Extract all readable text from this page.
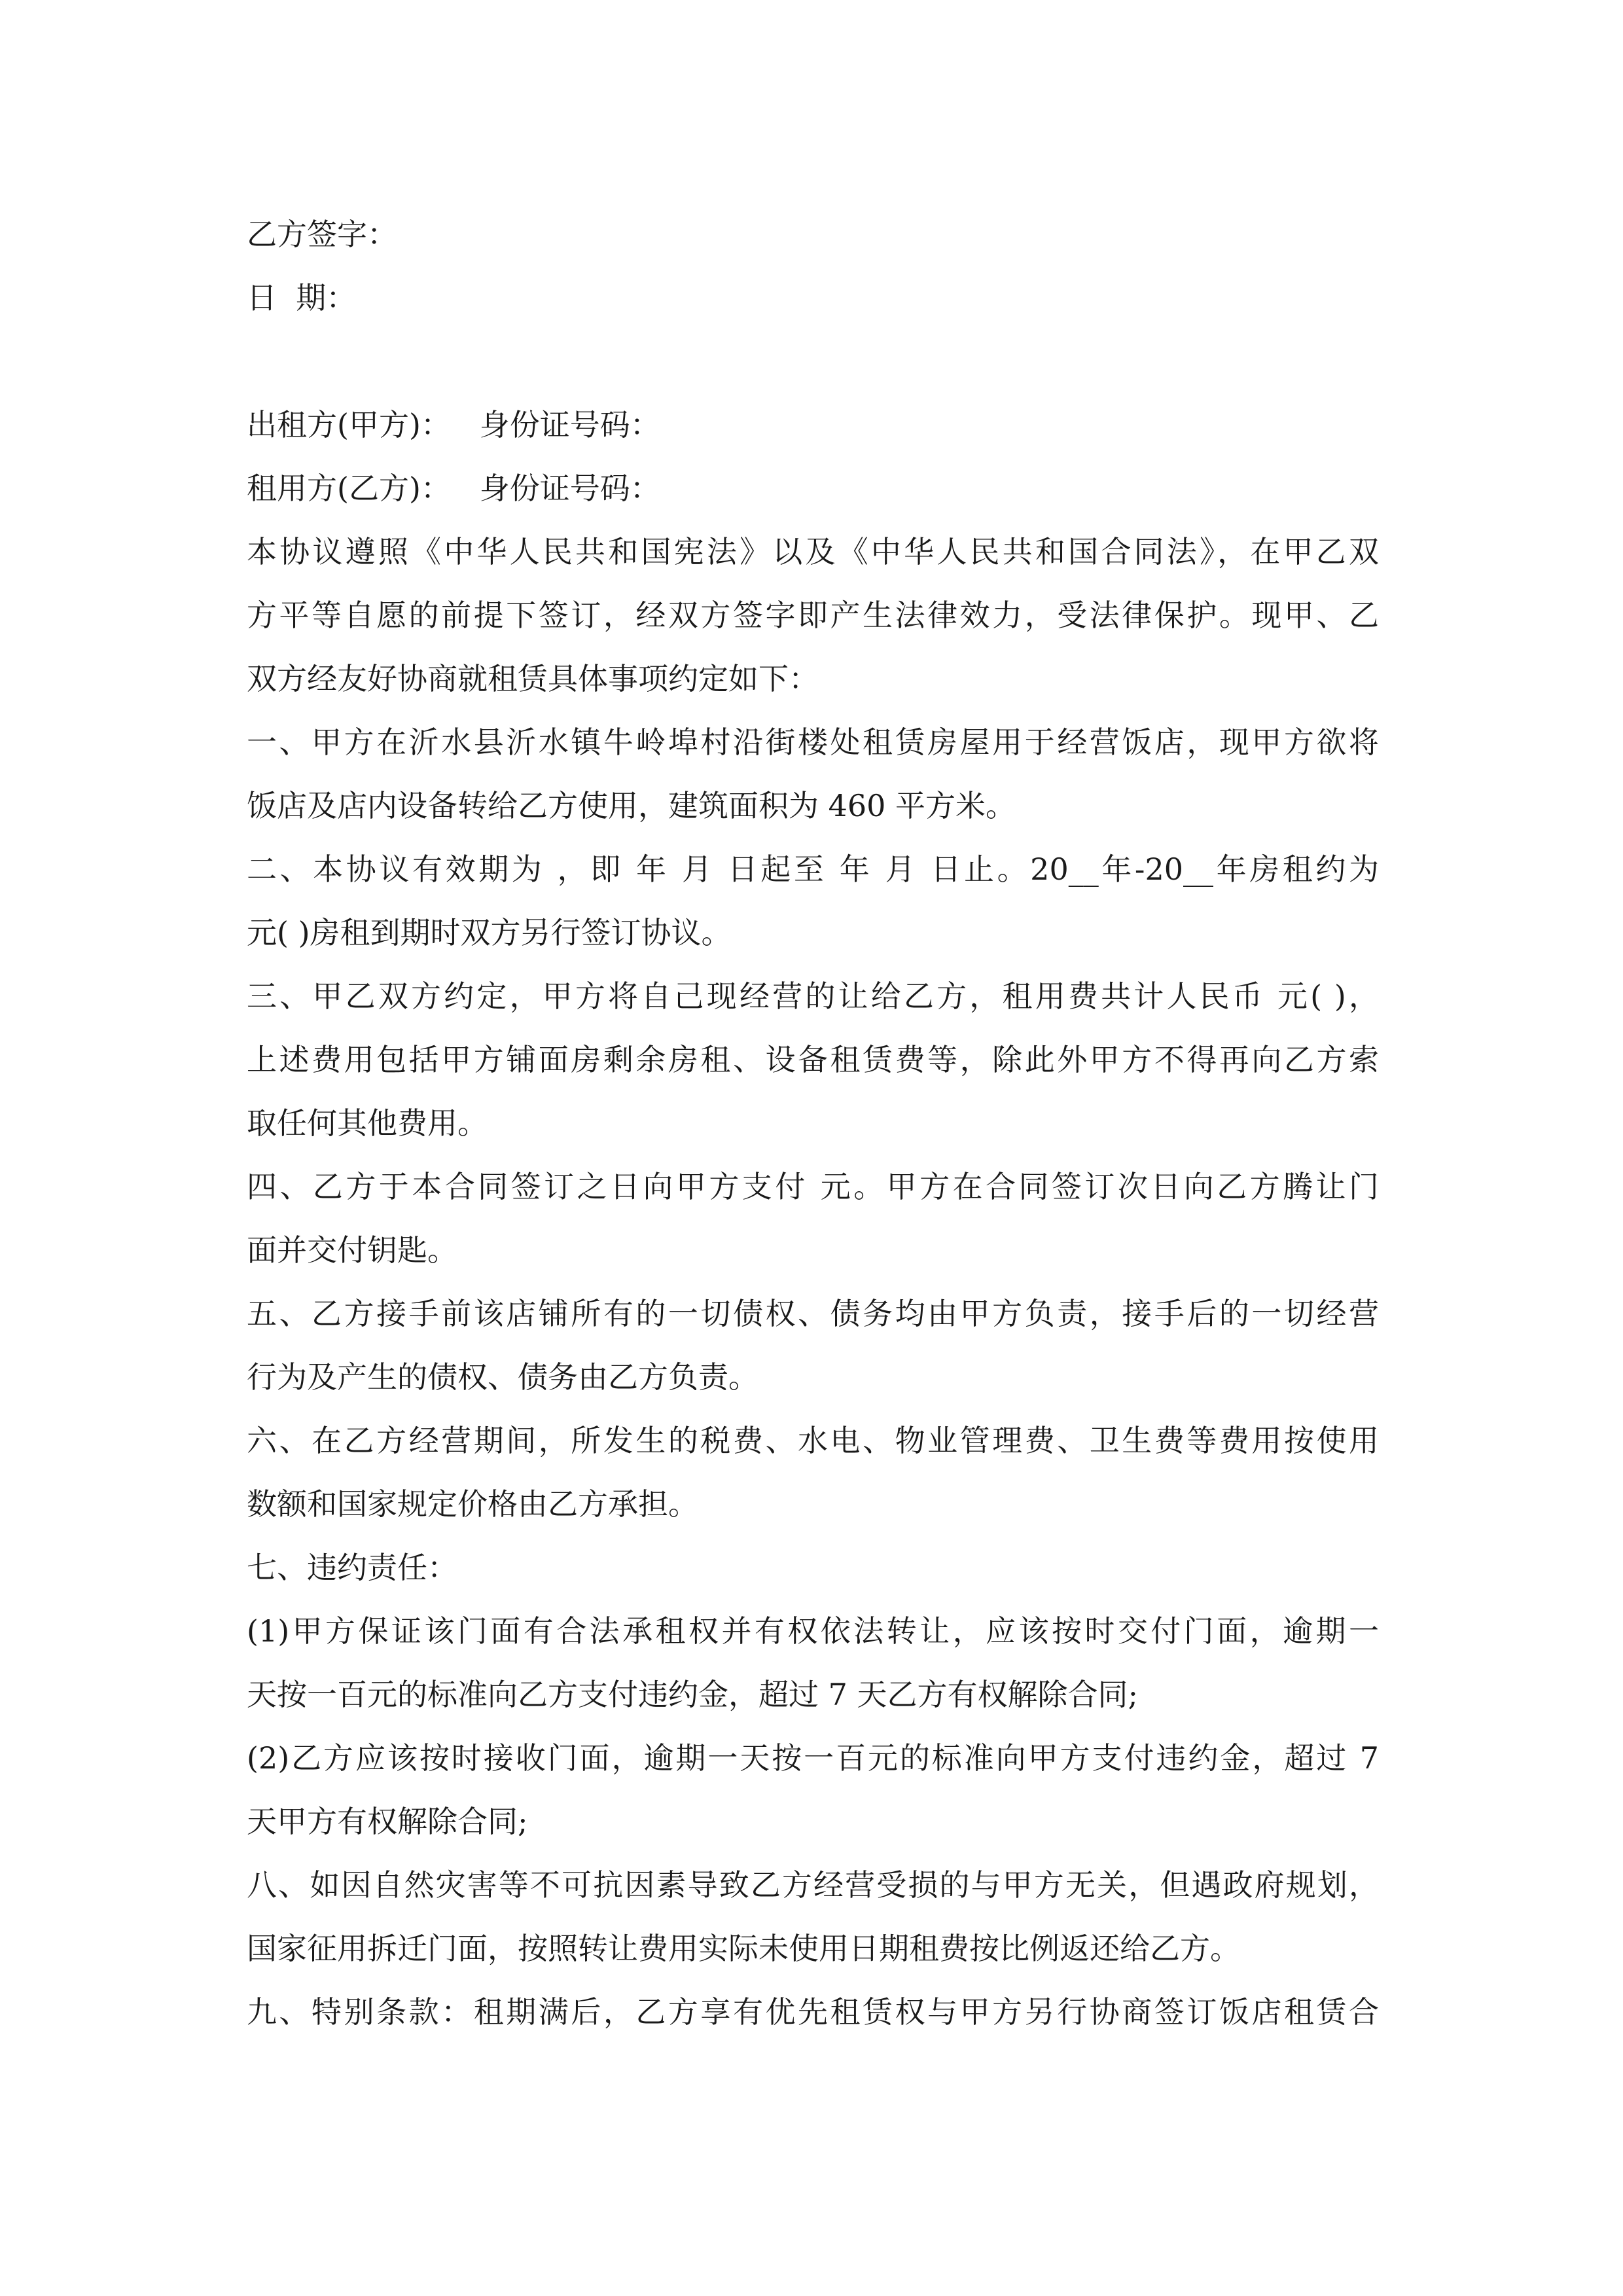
乙方签字：
日  期：
出租方(甲方)：   身份证号码：
租用方(乙方)：   身份证号码：
本协议遵照《中华人民共和国宪法》以及《中华人民共和国合同法》，在甲乙双
方平等自愿的前提下签订，经双方签字即产生法律效力，受法律保护。现甲、乙
双方经友好协商就租赁具体事项约定如下：
一、甲方在沂水县沂水镇牛岭埠村沿街楼处租赁房屋用于经营饭店，现甲方欲将
饭店及店内设备转给乙方使用，建筑面积为 460 平方米。
二、本协议有效期为 ，即 年 月 日起至 年 月 日止。20__年-20__年房租约为
元( )房租到期时双方另行签订协议。
三、甲乙双方约定，甲方将自己现经营的让给乙方，租用费共计人民币 元( )，
上述费用包括甲方铺面房剩余房租、设备租赁费等，除此外甲方不得再向乙方索
取任何其他费用。
四、乙方于本合同签订之日向甲方支付 元。甲方在合同签订次日向乙方腾让门
面并交付钥匙。
五、乙方接手前该店铺所有的一切债权、债务均由甲方负责，接手后的一切经营
行为及产生的债权、债务由乙方负责。
六、在乙方经营期间，所发生的税费、水电、物业管理费、卫生费等费用按使用
数额和国家规定价格由乙方承担。
七、违约责任：
(1)甲方保证该门面有合法承租权并有权依法转让，应该按时交付门面，逾期一
天按一百元的标准向乙方支付违约金，超过 7 天乙方有权解除合同;
(2)乙方应该按时接收门面，逾期一天按一百元的标准向甲方支付违约金，超过 7
天甲方有权解除合同;
八、如因自然灾害等不可抗因素导致乙方经营受损的与甲方无关，但遇政府规划，
国家征用拆迁门面，按照转让费用实际未使用日期租费按比例返还给乙方。
九、特别条款：租期满后，乙方享有优先租赁权与甲方另行协商签订饭店租赁合
